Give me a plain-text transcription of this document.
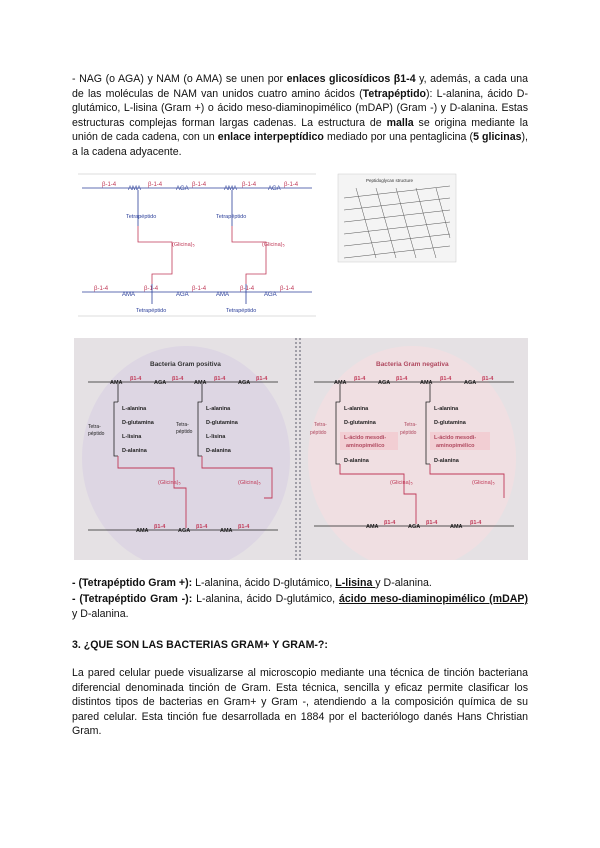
- NAG (o AGA) y NAM (o AMA) se unen por enlaces glicosídicos β1-4 y, además, a cada una de las moléculas de NAM van unidos cuatro amino ácidos (Tetrapéptido): L-alanina, ácido D-glutámico, L-lisina (Gram +) o ácido meso-diaminopimélico (mDAP) (Gram -) y D-alanina. Estas estructuras complejas forman largas cadenas. La estructura de malla se origina mediante la unión de cada cadena, con un enlace interpeptídico mediado por una pentaglicina (5 glicinas), a la cadena adyacente.
β-1-4
AMA
β-1-4
AGA
β-1-4
AMA
β-1-4
AGA
β-1-4
Tetrapéptido	Tetrapéptido
(Glicina)₅	(Glicina)₅
β-1-4
AMA
β-1-4
AGA
β-1-4
AMA
β-1-4
AGA
β-1-4
Tetrapéptido	Tetrapéptido
Peptidoglycan structure
Bacteria Gram positiva
AMA
β1-4
AGA
β1-4
AMA
β1-4
AGA
β1-4
Tetra-
péptido
Tetra-
péptido
L-alanina
D-glutamina
L-lisina
D-alanina
L-alanina
D-glutamina
L-lisina
D-alanina
(Glicina)₅	(Glicina)₅
AMA
β1-4
AGA
β1-4
AMA
β1-4
Bacteria Gram negativa
AMA
β1-4
AGA
β1-4
AMA
β1-4
AGA
β1-4
Tetra-
péptido
Tetra-
péptido
L-alanina
D-glutamina
L-ácido mesodi-
aminopimélico
D-alanina
L-alanina
D-glutamina
L-ácido mesodi-
aminopimélico
D-alanina
(Glicina)₅	(Glicina)₅
AMA
β1-4
AGA
β1-4
AMA
β1-4
- (Tetrapéptido Gram +): L-alanina, ácido D-glutámico, L-lisina y D-alanina.
- (Tetrapéptido Gram -): L-alanina, ácido D-glutámico, ácido meso-diaminopimélico (mDAP) y D-alanina.
3. ¿QUE SON LAS BACTERIAS GRAM+ Y GRAM-?:
La pared celular puede visualizarse al microscopio mediante una técnica de tinción bacteriana diferencial denominada tinción de Gram. Esta técnica, sencilla y eficaz permite clasificar los distintos tipos de bacterias en Gram+ y Gram -, atendiendo a la composición química de su pared celular. Esta tinción fue desarrollada en 1884 por el bacteriólogo danés Hans Christian Gram.
